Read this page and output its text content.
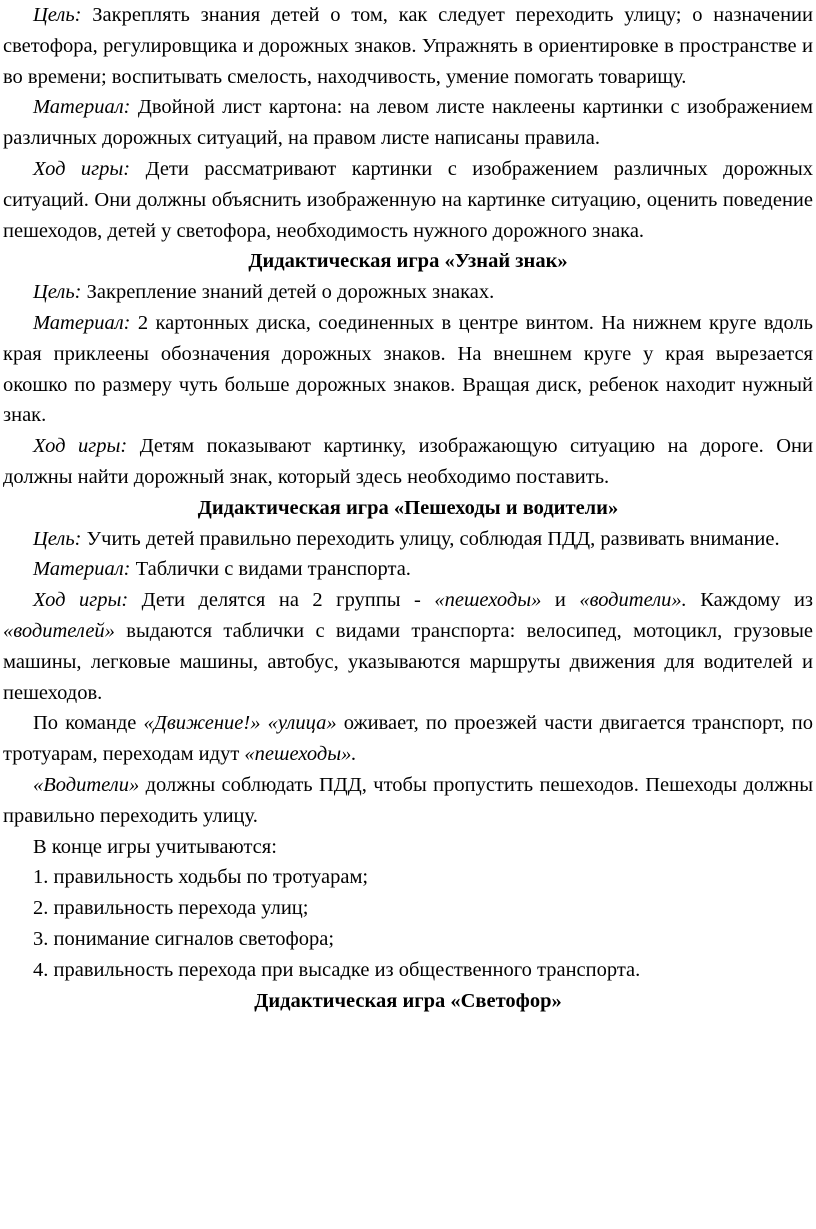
Цель: Закреплять знания детей о том, как следует переходить улицу; о назначении светофора, регулировщика и дорожных знаков. Упражнять в ориентировке в пространстве и во времени; воспитывать смелость, находчивость, умение помогать товарищу.

Материал: Двойной лист картона: на левом листе наклеены картинки с изображением различных дорожных ситуаций, на правом листе написаны правила.

Ход игры: Дети рассматривают картинки с изображением различных дорожных ситуаций. Они должны объяснить изображенную на картинке ситуацию, оценить поведение пешеходов, детей у светофора, необходимость нужного дорожного знака.

Дидактическая игра «Узнай знак»

Цель: Закрепление знаний детей о дорожных знаках.

Материал: 2 картонных диска, соединенных в центре винтом. На нижнем круге вдоль края приклеены обозначения дорожных знаков. На внешнем круге у края вырезается окошко по размеру чуть больше дорожных знаков. Вращая диск, ребенок находит нужный знак.

Ход игры: Детям показывают картинку, изображающую ситуацию на дороге. Они должны найти дорожный знак, который здесь необходимо поставить.

Дидактическая игра «Пешеходы и водители»

Цель: Учить детей правильно переходить улицу, соблюдая ПДД, развивать внимание.

Материал: Таблички с видами транспорта.

Ход игры: Дети делятся на 2 группы - «пешеходы» и «водители». Каждому из «водителей» выдаются таблички с видами транспорта: велосипед, мотоцикл, грузовые машины, легковые машины, автобус, указываются маршруты движения для водителей и пешеходов.

По команде «Движение!» «улица» оживает, по проезжей части двигается транспорт, по тротуарам, переходам идут «пешеходы».

«Водители» должны соблюдать ПДД, чтобы пропустить пешеходов. Пешеходы должны правильно переходить улицу.

В конце игры учитываются:

1. правильность ходьбы по тротуарам;

2. правильность перехода улиц;

3. понимание сигналов светофора;

4. правильность перехода при высадке из общественного транспорта.

Дидактическая игра «Светофор»
